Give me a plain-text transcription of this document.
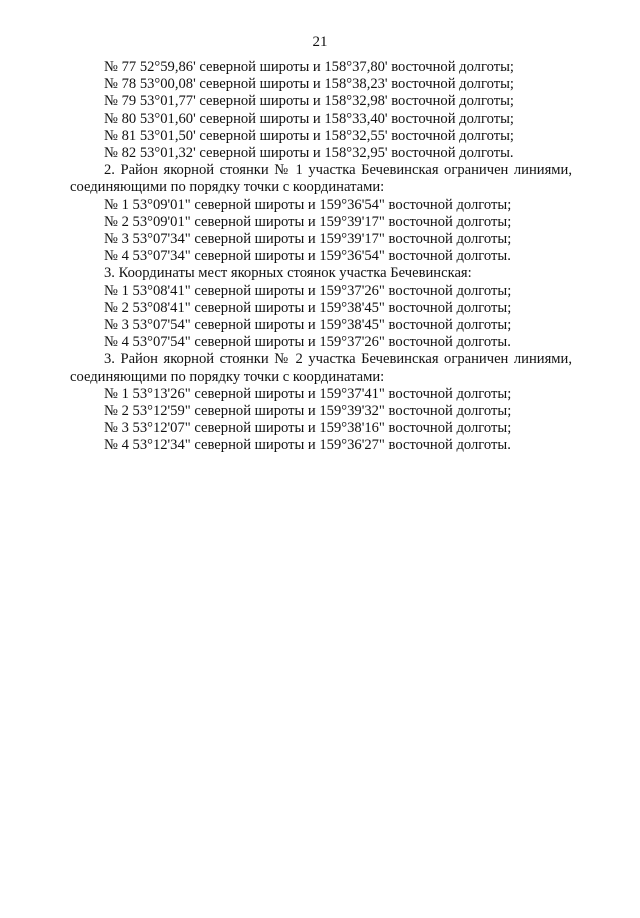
21
№ 77 52°59,86' северной широты и 158°37,80' восточной долготы;
№ 78 53°00,08' северной широты и 158°38,23' восточной долготы;
№ 79 53°01,77' северной широты и 158°32,98' восточной долготы;
№ 80 53°01,60' северной широты и 158°33,40' восточной долготы;
№ 81 53°01,50' северной широты и 158°32,55' восточной долготы;
№ 82 53°01,32' северной широты и 158°32,95' восточной долготы.
2. Район якорной стоянки № 1 участка Бечевинская ограничен линиями, соединяющими по порядку точки с координатами:
№ 1 53°09'01" северной широты и 159°36'54" восточной долготы;
№ 2 53°09'01" северной широты и 159°39'17" восточной долготы;
№ 3 53°07'34" северной широты и 159°39'17" восточной долготы;
№ 4 53°07'34" северной широты и 159°36'54" восточной долготы.
3. Координаты мест якорных стоянок участка Бечевинская:
№ 1 53°08'41" северной широты и 159°37'26" восточной долготы;
№ 2 53°08'41" северной широты и 159°38'45" восточной долготы;
№ 3 53°07'54" северной широты и 159°38'45" восточной долготы;
№ 4 53°07'54" северной широты и 159°37'26" восточной долготы.
3. Район якорной стоянки № 2 участка Бечевинская ограничен линиями, соединяющими по порядку точки с координатами:
№ 1 53°13'26" северной широты и 159°37'41" восточной долготы;
№ 2 53°12'59" северной широты и 159°39'32" восточной долготы;
№ 3 53°12'07" северной широты и 159°38'16" восточной долготы;
№ 4 53°12'34" северной широты и 159°36'27" восточной долготы.
